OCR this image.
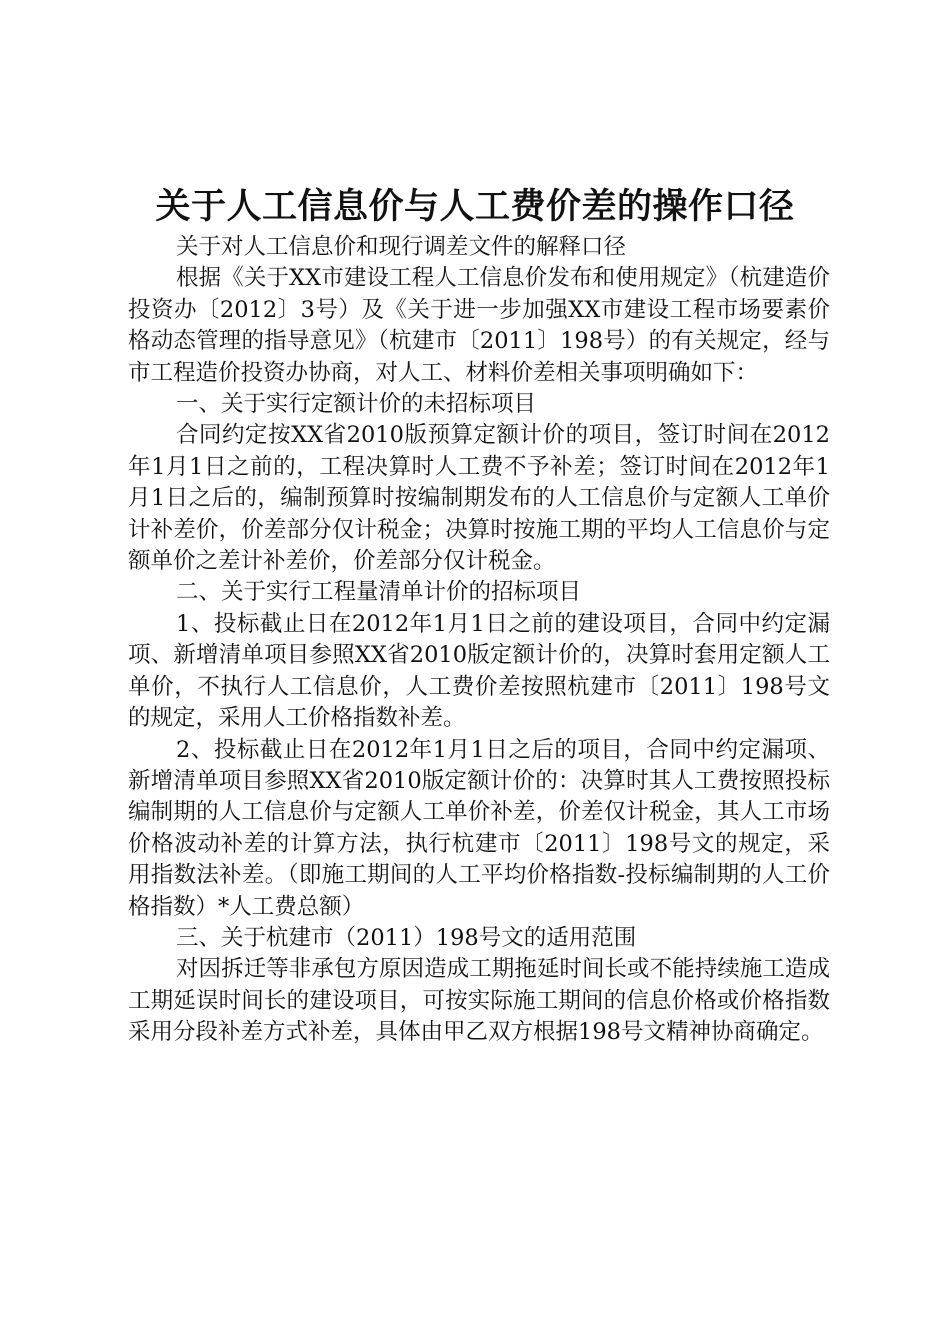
关于人工信息价与人工费价差的操作口径

关于对人工信息价和现行调差文件的解释口径

根据《关于XX市建设工程人工信息价发布和使用规定》（杭建造价投资办〔2012〕3号）及《关于进一步加强XX市建设工程市场要素价格动态管理的指导意见》（杭建市〔2011〕198号）的有关规定，经与市工程造价投资办协商，对人工、材料价差相关事项明确如下：

一、关于实行定额计价的未招标项目

合同约定按XX省2010版预算定额计价的项目，签订时间在2012年1月1日之前的，工程决算时人工费不予补差；签订时间在2012年1月1日之后的，编制预算时按编制期发布的人工信息价与定额人工单价计补差价，价差部分仅计税金；决算时按施工期的平均人工信息价与定额单价之差计补差价，价差部分仅计税金。

二、关于实行工程量清单计价的招标项目

1、投标截止日在2012年1月1日之前的建设项目，合同中约定漏项、新增清单项目参照XX省2010版定额计价的，决算时套用定额人工单价，不执行人工信息价，人工费价差按照杭建市〔2011〕198号文的规定，采用人工价格指数补差。

2、投标截止日在2012年1月1日之后的项目，合同中约定漏项、新增清单项目参照XX省2010版定额计价的：决算时其人工费按照投标编制期的人工信息价与定额人工单价补差，价差仅计税金，其人工市场价格波动补差的计算方法，执行杭建市〔2011〕198号文的规定，采用指数法补差。（即施工期间的人工平均价格指数-投标编制期的人工价格指数）*人工费总额）

三、关于杭建市（2011）198号文的适用范围

对因拆迁等非承包方原因造成工期拖延时间长或不能持续施工造成工期延误时间长的建设项目，可按实际施工期间的信息价格或价格指数采用分段补差方式补差，具体由甲乙双方根据198号文精神协商确定。
